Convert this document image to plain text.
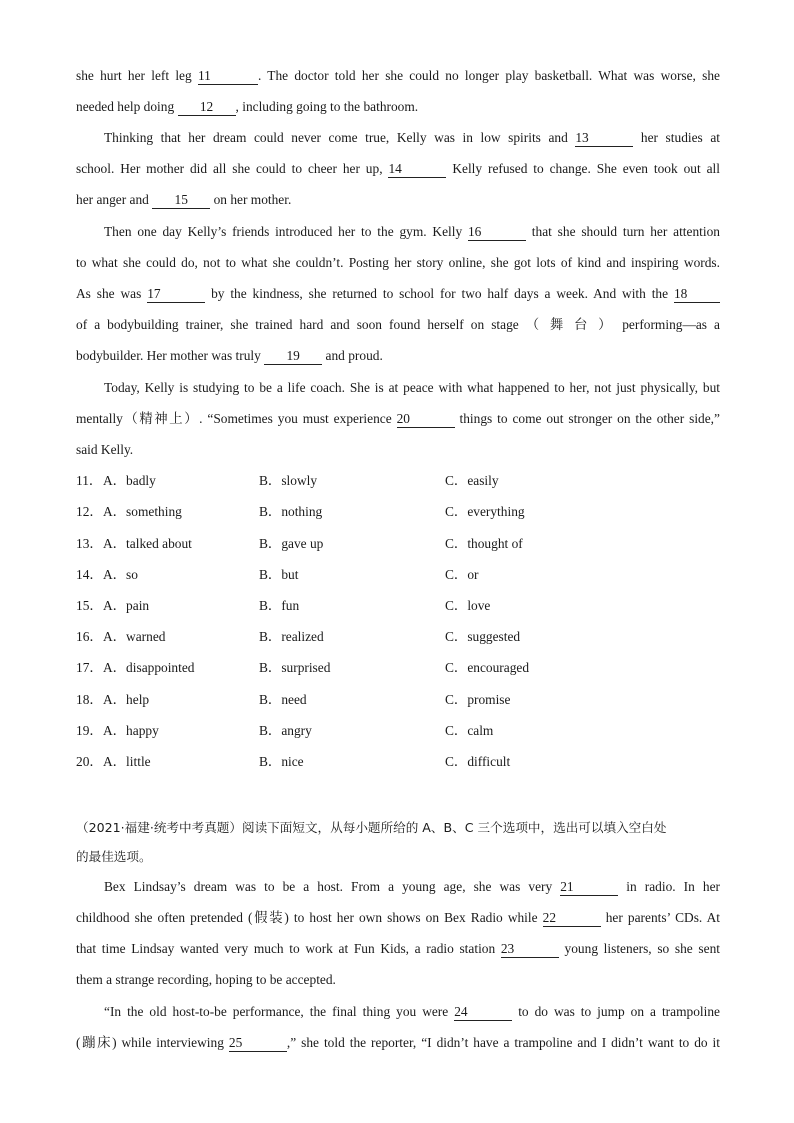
she hurt her left leg 11	. The doctor told her she could no longer play basketball. What was worse, she
needed help doing 12 , including going to the bathroom.
Thinking that her dream could never come true, Kelly was in low spirits and 13	her studies at
school. Her mother did all she could to cheer her up, 14	Kelly refused to change. She even took out all
her anger and 15 on her mother.
Then one day Kelly’s friends introduced her to the gym. Kelly 16	that she should turn her attention
to what she could do, not to what she couldn’t. Posting her story online, she got lots of kind and inspiring words.
As she was 17	by the kindness, she returned to school for two half days a week. And with the 18
of a bodybuilding trainer, she trained hard and soon found herself on stage （ 舞 台 ） performing—as a
bodybuilder. Her mother was truly 19 and proud.
Today, Kelly is studying to be a life coach. She is at peace with what happened to her, not just physically, but
mentally（精神上）. “Sometimes you must experience 20	things to come out stronger on the other side,”
said Kelly.
11． A．badly	B．slowly	C．easily
12． A．something	B．nothing	C．everything
13． A．talked about	B．gave up	C．thought of
14． A．so	B．but	C．or
15． A．pain	B．fun	C．love
16． A．warned	B．realized	C．suggested
17． A．disappointed	B．surprised	C．encouraged
18． A．help	B．need	C．promise
19． A．happy	B．angry	C．calm
20． A．little	B．nice	C．difficult
（2021·福建·统考中考真题）阅读下面短文，从每小题所给的 A、B、C 三个选项中，选出可以填入空白处
的最佳选项。
Bex Lindsay’s dream was to be a host. From a young age, she was very 21	in radio. In her
childhood she often pretended (假装) to host her own shows on Bex Radio while 22	her parents’ CDs. At
that time Lindsay wanted very much to work at Fun Kids, a radio station 23	young listeners, so she sent
them a strange recording, hoping to be accepted.
“In the old host-to-be performance, the final thing you were 24	to do was to jump on a trampoline
(蹦床) while interviewing 25	,” she told the reporter, “I didn’t have a trampoline and I didn’t want to do it
